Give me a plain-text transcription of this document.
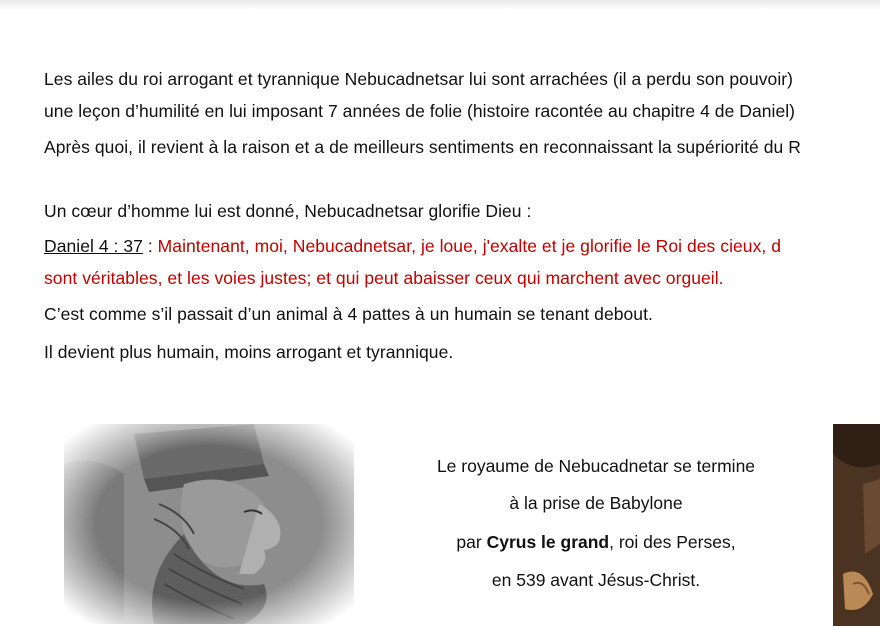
Les ailes du roi arrogant et tyrannique Nebucadnetsar lui sont arrachées (il a perdu son pouvoir)
une leçon d’humilité en lui imposant 7 années de folie (histoire racontée au chapitre 4 de Daniel)
Après quoi, il revient à la raison et a de meilleurs sentiments en reconnaissant la supériorité du R
Un cœur d’homme lui est donné, Nebucadnetsar glorifie Dieu :
Daniel 4 : 37 : Maintenant, moi, Nebucadnetsar, je loue, j'exalte et je glorifie le Roi des cieux, d
sont véritables, et les voies justes; et qui peut abaisser ceux qui marchent avec orgueil.
C’est comme s’il passait d’un animal à 4 pattes à un humain se tenant debout.
Il devient plus humain, moins arrogant et tyrannique.
Le royaume de Nebucadnetar se termine
à la prise de Babylone
par Cyrus le grand, roi des Perses,
en 539 avant Jésus-Christ.
